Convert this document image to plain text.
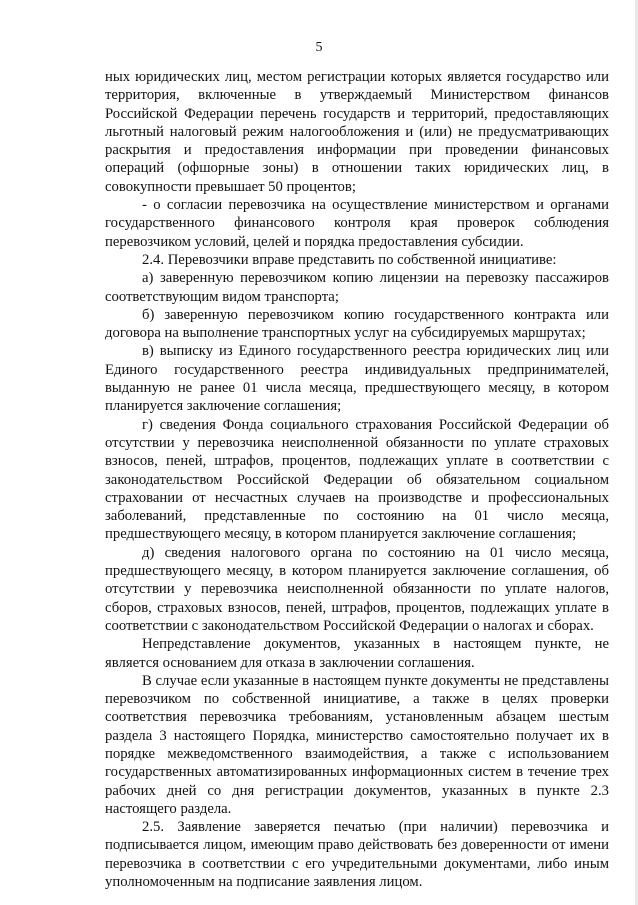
5

ных юридических лиц, местом регистрации которых является государство или территория, включенные в утверждаемый Министерством финансов Российской Федерации перечень государств и территорий, предоставляющих льготный налоговый режим налогообложения и (или) не предусматривающих раскрытия и предоставления информации при проведении финансовых операций (офшорные зоны) в отношении таких юридических лиц, в совокупности превышает 50 процентов;

- о согласии перевозчика на осуществление министерством и органами государственного финансового контроля края проверок соблюдения перевозчиком условий, целей и порядка предоставления субсидии.

2.4. Перевозчики вправе представить по собственной инициативе:

а) заверенную перевозчиком копию лицензии на перевозку пассажиров соответствующим видом транспорта;

б) заверенную перевозчиком копию государственного контракта или договора на выполнение транспортных услуг на субсидируемых маршрутах;

в) выписку из Единого государственного реестра юридических лиц или Единого государственного реестра индивидуальных предпринимателей, выданную не ранее 01 числа месяца, предшествующего месяцу, в котором планируется заключение соглашения;

г) сведения Фонда социального страхования Российской Федерации об отсутствии у перевозчика неисполненной обязанности по уплате страховых взносов, пеней, штрафов, процентов, подлежащих уплате в соответствии с законодательством Российской Федерации об обязательном социальном страховании от несчастных случаев на производстве и профессиональных заболеваний, представленные по состоянию на 01 число месяца, предшествующего месяцу, в котором планируется заключение соглашения;

д) сведения налогового органа по состоянию на 01 число месяца, предшествующего месяцу, в котором планируется заключение соглашения, об отсутствии у перевозчика неисполненной обязанности по уплате налогов, сборов, страховых взносов, пеней, штрафов, процентов, подлежащих уплате в соответствии с законодательством Российской Федерации о налогах и сборах.

Непредставление документов, указанных в настоящем пункте, не является основанием для отказа в заключении соглашения.

В случае если указанные в настоящем пункте документы не представлены перевозчиком по собственной инициативе, а также в целях проверки соответствия перевозчика требованиям, установленным абзацем шестым раздела 3 настоящего Порядка, министерство самостоятельно получает их в порядке межведомственного взаимодействия, а также с использованием государственных автоматизированных информационных систем в течение трех рабочих дней со дня регистрации документов, указанных в пункте 2.3 настоящего раздела.

2.5. Заявление заверяется печатью (при наличии) перевозчика и подписывается лицом, имеющим право действовать без доверенности от имени перевозчика в соответствии с его учредительными документами, либо иным уполномоченным на подписание заявления лицом.
